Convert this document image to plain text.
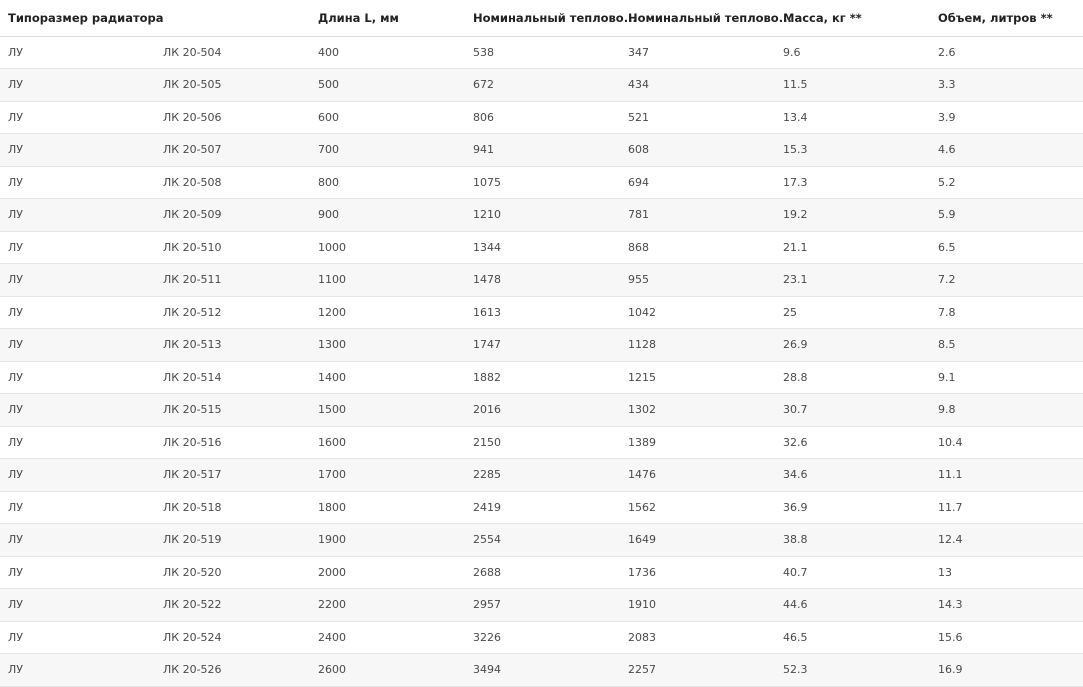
Типоразмер радиатора		Длина L, мм	Номинальный теплово...	Номинальный теплово...	Масса, кг **	Объем, литров **
ЛУ	ЛК 20-504	400	538	347	9.6	2.6
ЛУ	ЛК 20-505	500	672	434	11.5	3.3
ЛУ	ЛК 20-506	600	806	521	13.4	3.9
ЛУ	ЛК 20-507	700	941	608	15.3	4.6
ЛУ	ЛК 20-508	800	1075	694	17.3	5.2
ЛУ	ЛК 20-509	900	1210	781	19.2	5.9
ЛУ	ЛК 20-510	1000	1344	868	21.1	6.5
ЛУ	ЛК 20-511	1100	1478	955	23.1	7.2
ЛУ	ЛК 20-512	1200	1613	1042	25	7.8
ЛУ	ЛК 20-513	1300	1747	1128	26.9	8.5
ЛУ	ЛК 20-514	1400	1882	1215	28.8	9.1
ЛУ	ЛК 20-515	1500	2016	1302	30.7	9.8
ЛУ	ЛК 20-516	1600	2150	1389	32.6	10.4
ЛУ	ЛК 20-517	1700	2285	1476	34.6	11.1
ЛУ	ЛК 20-518	1800	2419	1562	36.9	11.7
ЛУ	ЛК 20-519	1900	2554	1649	38.8	12.4
ЛУ	ЛК 20-520	2000	2688	1736	40.7	13
ЛУ	ЛК 20-522	2200	2957	1910	44.6	14.3
ЛУ	ЛК 20-524	2400	3226	2083	46.5	15.6
ЛУ	ЛК 20-526	2600	3494	2257	52.3	16.9
